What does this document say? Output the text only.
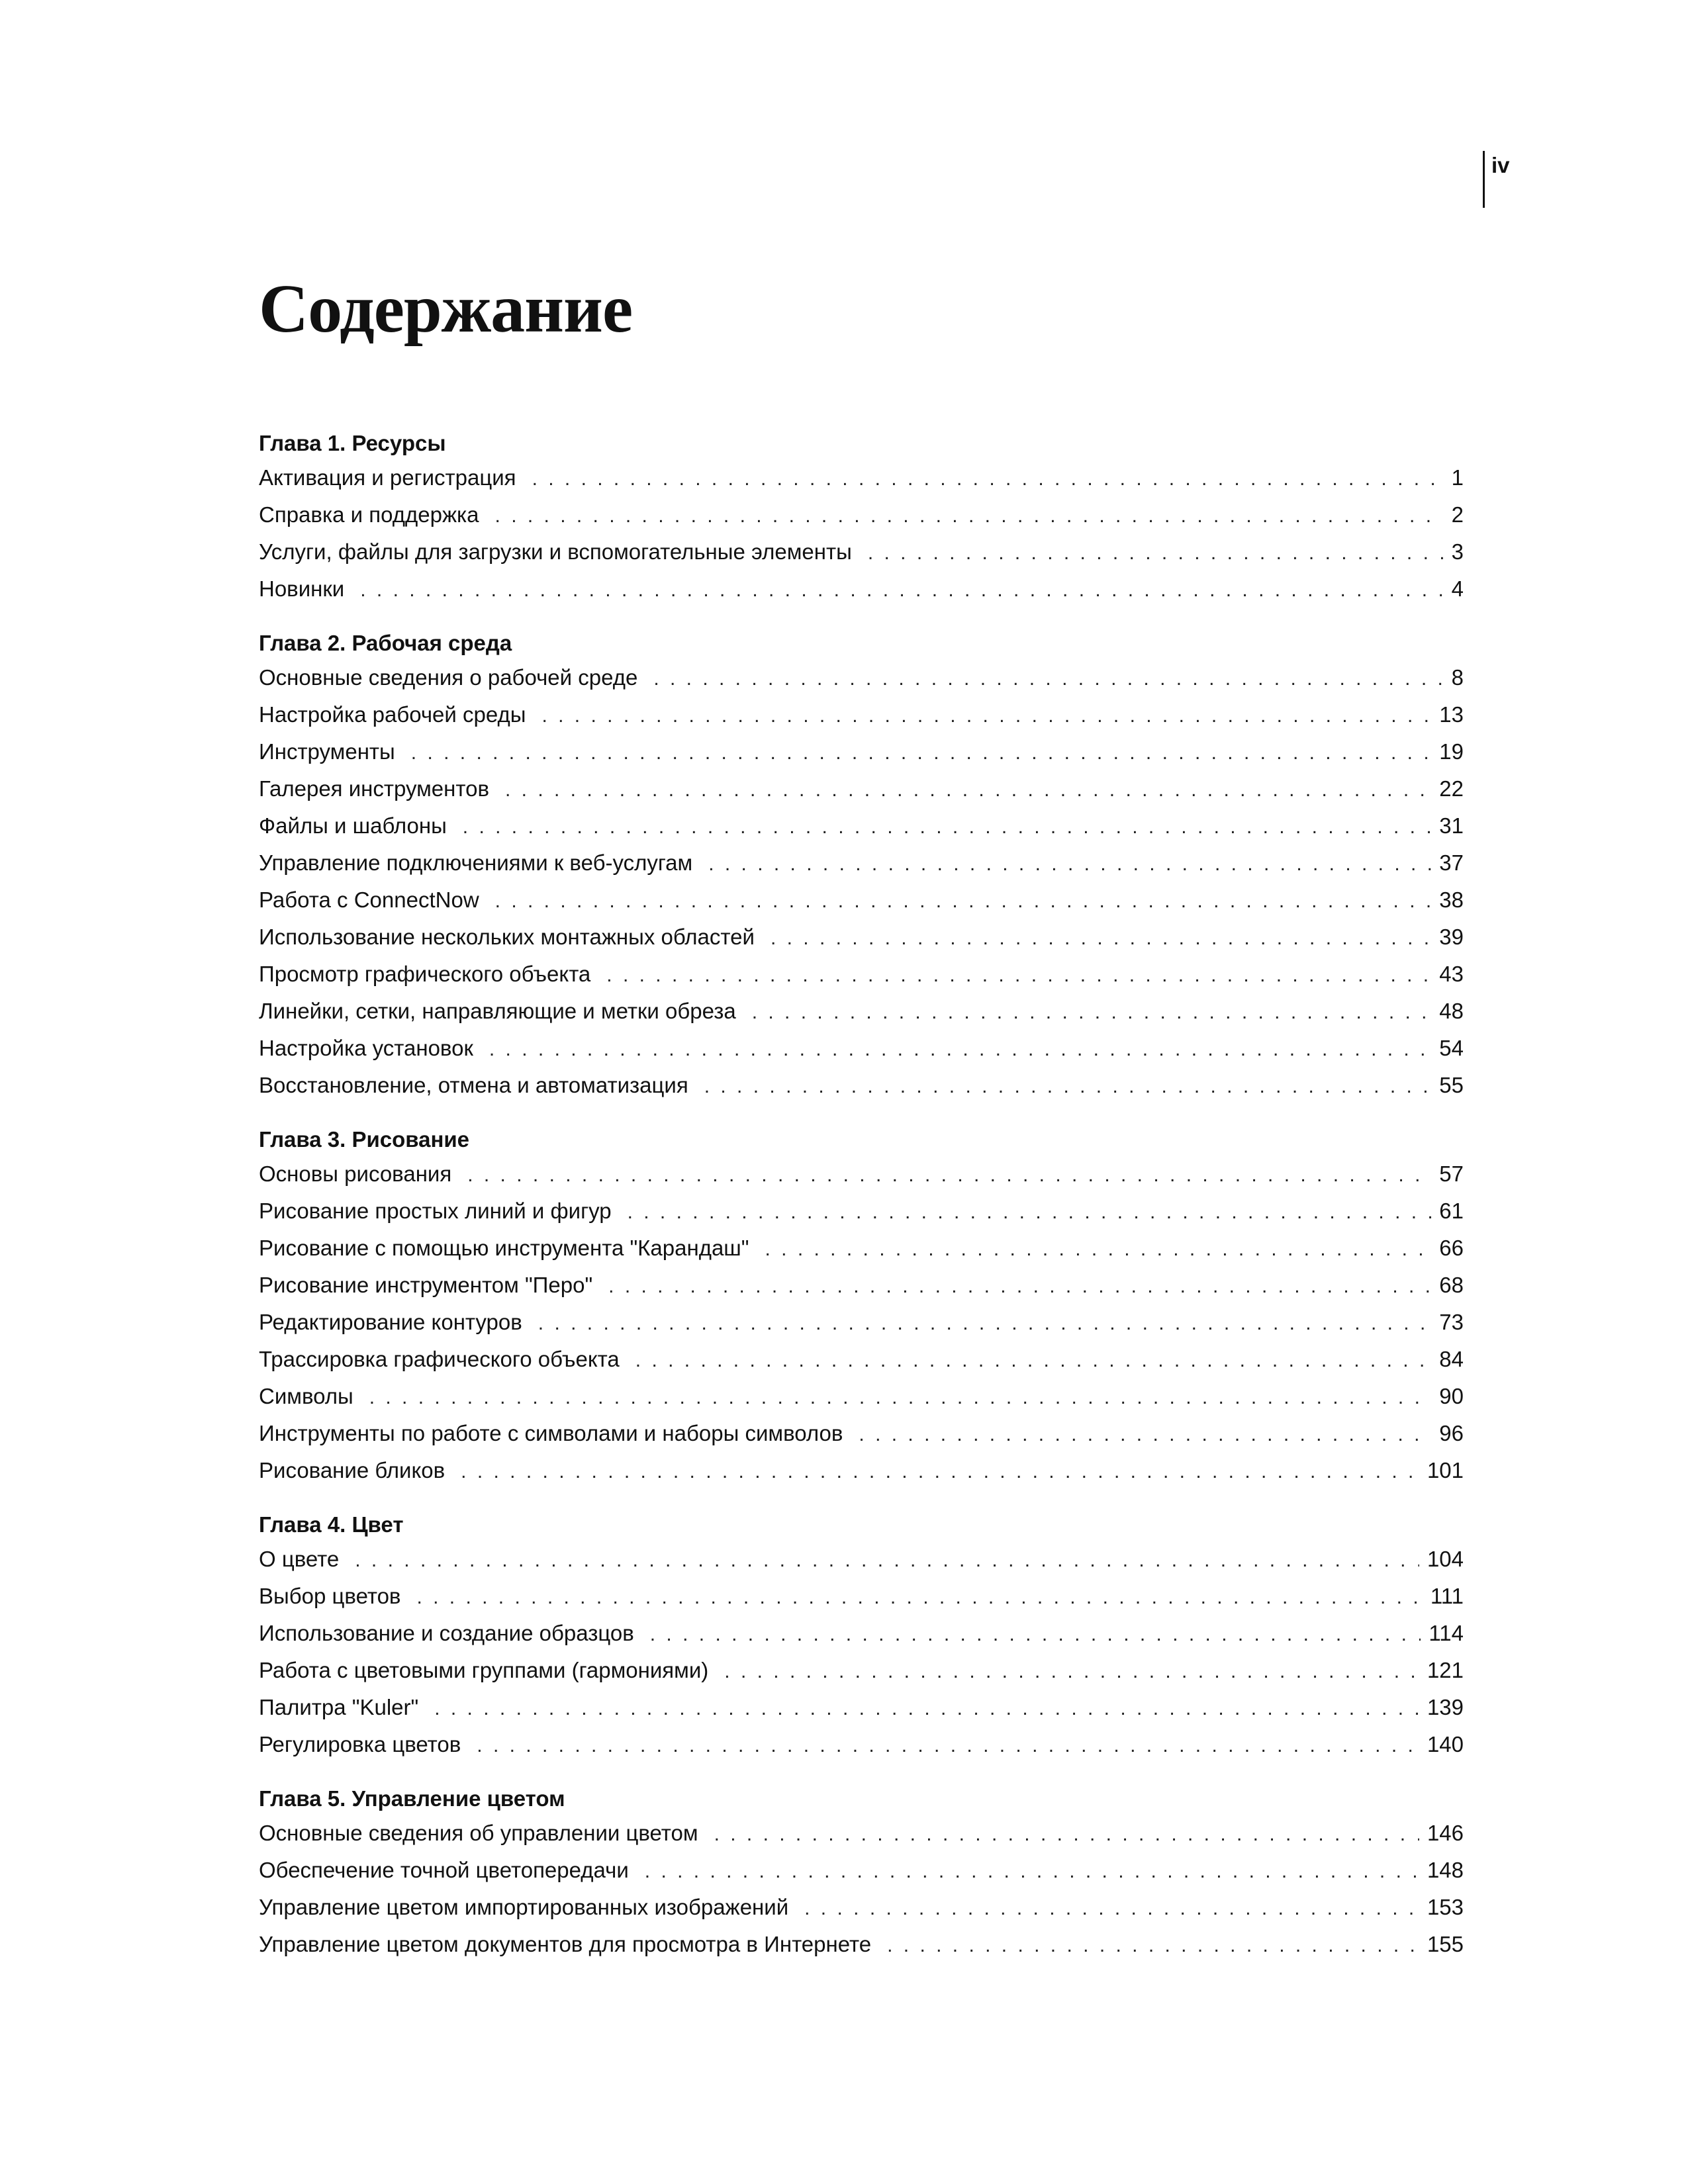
iv
Содержание
Глава 1. Ресурсы
Активация и регистрация . . .	1
Справка и поддержка . . .	2
Услуги, файлы для загрузки и вспомогательные элементы . . .	3
Новинки . . .	4
Глава 2. Рабочая среда
Основные сведения о рабочей среде . . .	8
Настройка рабочей среды . . .	13
Инструменты . . .	19
Галерея инструментов . . .	22
Файлы и шаблоны . . .	31
Управление подключениями к веб-услугам . . .	37
Работа с ConnectNow . . .	38
Использование нескольких монтажных областей . . .	39
Просмотр графического объекта . . .	43
Линейки, сетки, направляющие и метки обреза . . .	48
Настройка установок . . .	54
Восстановление, отмена и автоматизация . . .	55
Глава 3. Рисование
Основы рисования . . .	57
Рисование простых линий и фигур . . .	61
Рисование с помощью инструмента "Карандаш" . . .	66
Рисование инструментом "Перо" . . .	68
Редактирование контуров . . .	73
Трассировка графического объекта . . .	84
Символы . . .	90
Инструменты по работе с символами и наборы символов . . .	96
Рисование бликов . . .	101
Глава 4. Цвет
О цвете . . .	104
Выбор цветов . . .	111
Использование и создание образцов . . .	114
Работа с цветовыми группами (гармониями) . . .	121
Палитра "Kuler" . . .	139
Регулировка цветов . . .	140
Глава 5. Управление цветом
Основные сведения об управлении цветом . . .	146
Обеспечение точной цветопередачи . . .	148
Управление цветом импортированных изображений . . .	153
Управление цветом документов для просмотра в Интернете . . .	155
